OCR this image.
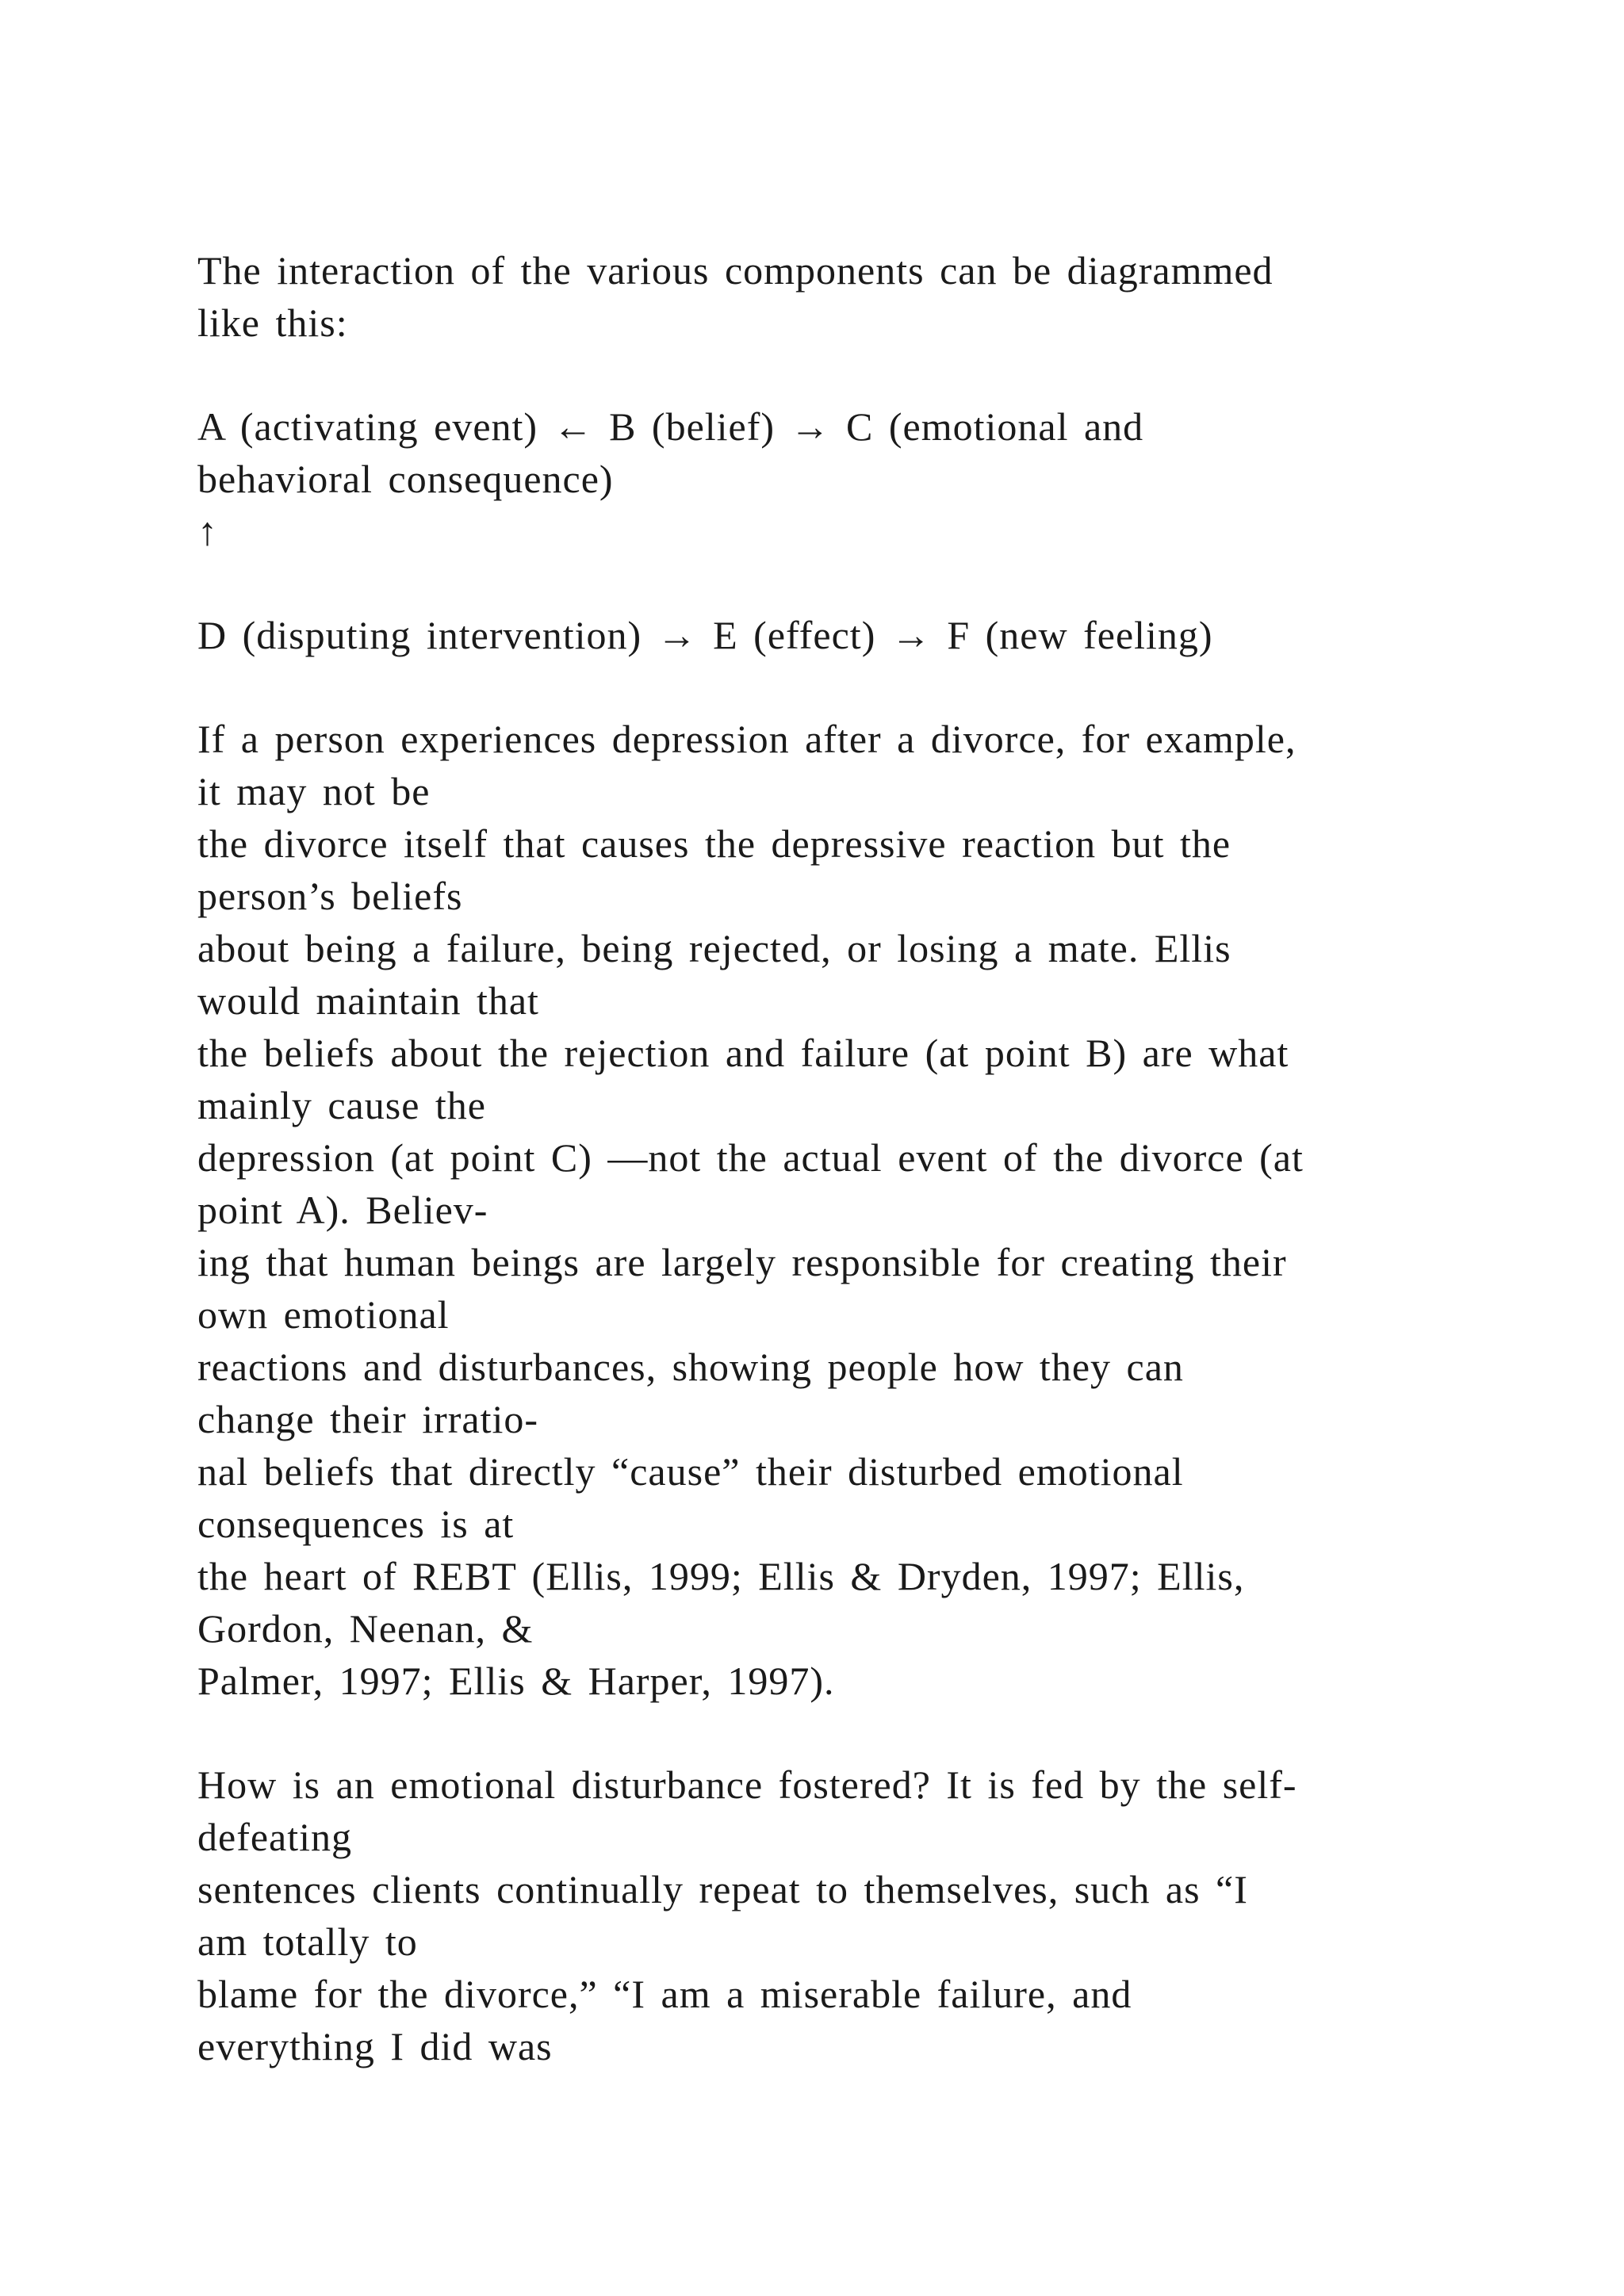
The interaction of the various components can be diagrammed
like this:
A (activating event) ← B (belief) → C (emotional and
behavioral consequence)
↑
D (disputing intervention) → E (effect) → F (new feeling)
If a person experiences depression after a divorce, for example,
it may not be
the divorce itself that causes the depressive reaction but the
person’s beliefs
about being a failure, being rejected, or losing a mate. Ellis
would maintain that
the beliefs about the rejection and failure (at point B) are what
mainly cause the
depression (at point C) —not the actual event of the divorce (at
point A). Believ-
ing that human beings are largely responsible for creating their
own emotional
reactions and disturbances, showing people how they can
change their irratio-
nal beliefs that directly “cause” their disturbed emotional
consequences is at
the heart of REBT (Ellis, 1999; Ellis & Dryden, 1997; Ellis,
Gordon, Neenan, &
Palmer, 1997; Ellis & Harper, 1997).
How is an emotional disturbance fostered? It is fed by the self-
defeating
sentences clients continually repeat to themselves, such as “I
am totally to
blame for the divorce,” “I am a miserable failure, and
everything I did was
